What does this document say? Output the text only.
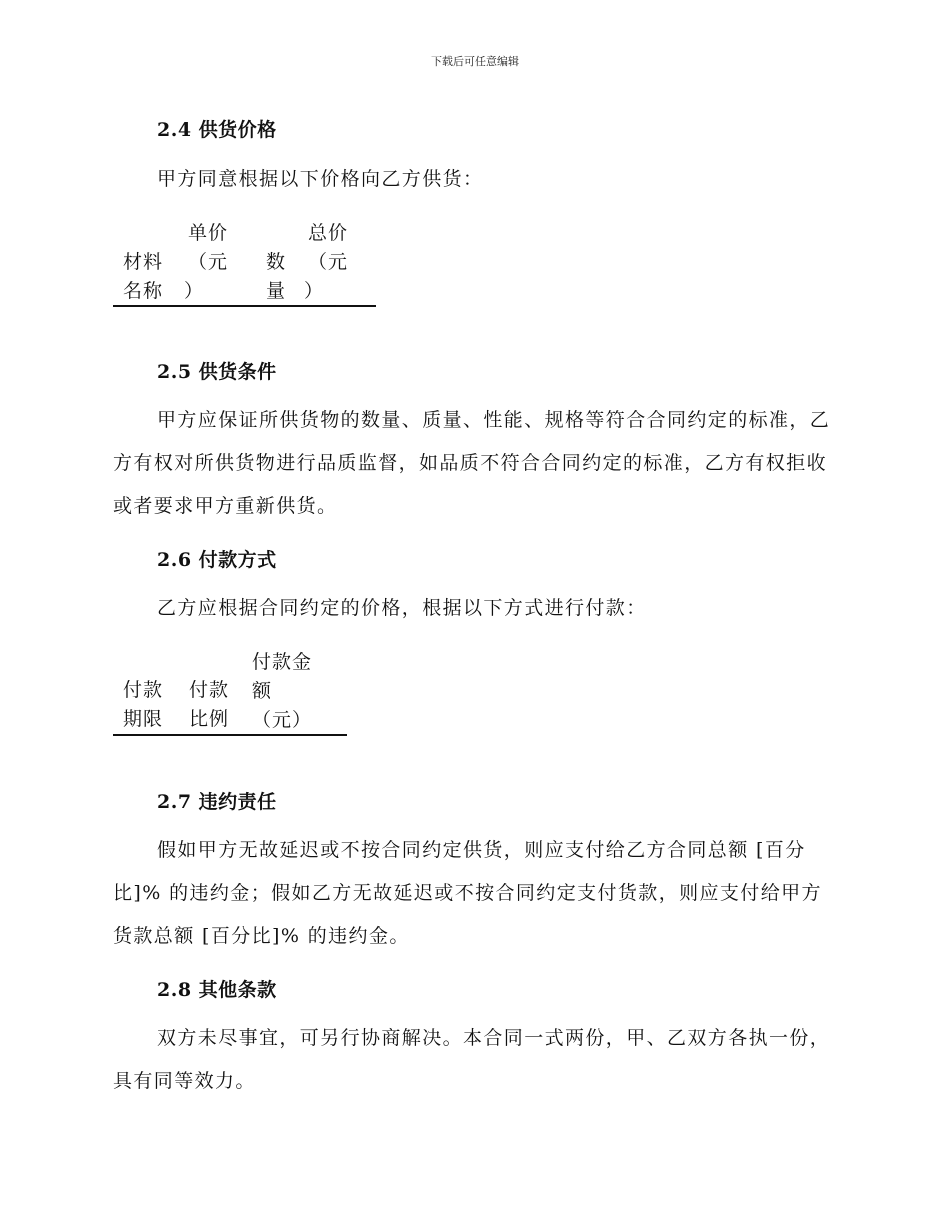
下载后可任意编辑
2.4 供货价格
甲方同意根据以下价格向乙方供货：
材料
名称
单价
（元
）
数
量
总价
（元
）
2.5 供货条件
甲方应保证所供货物的数量、质量、性能、规格等符合合同约定的标准，乙方有权对所供货物进行品质监督，如品质不符合合同约定的标准，乙方有权拒收或者要求甲方重新供货。
2.6 付款方式
乙方应根据合同约定的价格，根据以下方式进行付款：
付款
期限
付款
比例
付款金
额
（元）
2.7 违约责任
假如甲方无故延迟或不按合同约定供货，则应支付给乙方合同总额 [百分比]% 的违约金；假如乙方无故延迟或不按合同约定支付货款，则应支付给甲方货款总额 [百分比]% 的违约金。
2.8 其他条款
双方未尽事宜，可另行协商解决。本合同一式两份，甲、乙双方各执一份，具有同等效力。
